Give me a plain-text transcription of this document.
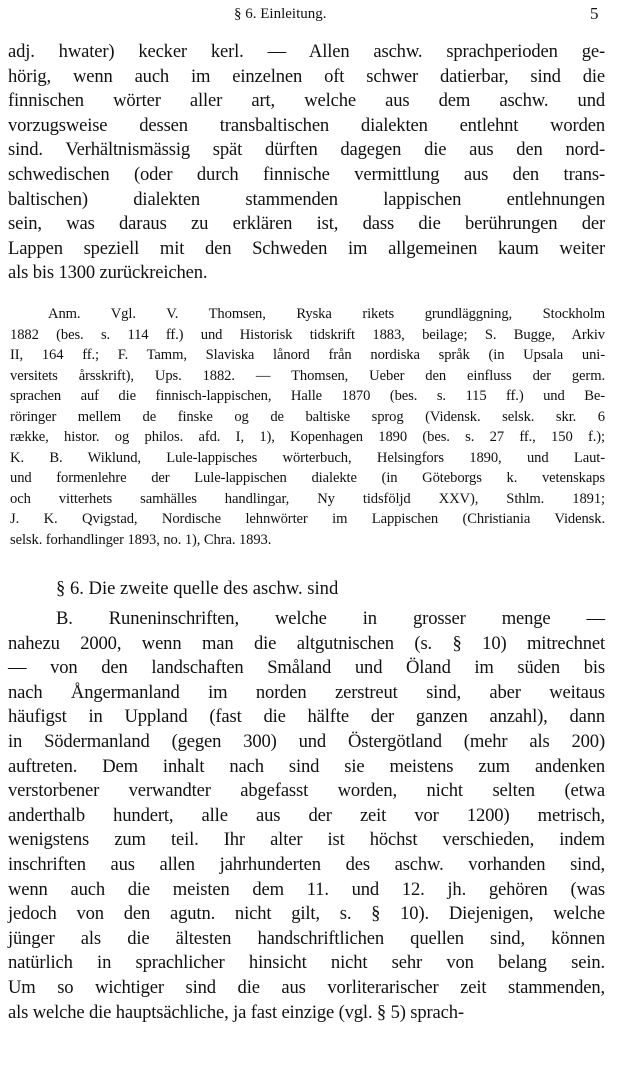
§ 6. Einleitung.	5
adj. hwater) kecker kerl. — Allen aschw. sprachperioden ge-
hörig, wenn auch im einzelnen oft schwer datierbar, sind die
finnischen wörter aller art, welche aus dem aschw. und
vorzugsweise dessen transbaltischen dialekten entlehnt worden
sind. Verhältnismässig spät dürften dagegen die aus den nord-
schwedischen (oder durch finnische vermittlung aus den trans-
baltischen) dialekten stammenden lappischen entlehnungen
sein, was daraus zu erklären ist, dass die berührungen der
Lappen speziell mit den Schweden im allgemeinen kaum weiter
als bis 1300 zurückreichen.
Anm. Vgl. V. Thomsen, Ryska rikets grundläggning, Stockholm
1882 (bes. s. 114 ff.) und Historisk tidskrift 1883, beilage; S. Bugge, Arkiv
II, 164 ff.; F. Tamm, Slaviska lånord från nordiska språk (in Upsala uni-
versitets årsskrift), Ups. 1882. — Thomsen, Ueber den einfluss der germ.
sprachen auf die finnisch-lappischen, Halle 1870 (bes. s. 115 ff.) und Be-
röringer mellem de finske og de baltiske sprog (Vidensk. selsk. skr. 6
række, histor. og philos. afd. I, 1), Kopenhagen 1890 (bes. s. 27 ff., 150 f.);
K. B. Wiklund, Lule-lappisches wörterbuch, Helsingfors 1890, und Laut-
und formenlehre der Lule-lappischen dialekte (in Göteborgs k. vetenskaps
och vitterhets samhälles handlingar, Ny tidsföljd XXV), Sthlm. 1891;
J. K. Qvigstad, Nordische lehnwörter im Lappischen (Christiania Vidensk.
selsk. forhandlinger 1893, no. 1), Chra. 1893.
§ 6. Die zweite quelle des aschw. sind
B. Runeninschriften, welche in grosser menge —
nahezu 2000, wenn man die altgutnischen (s. § 10) mitrechnet
— von den landschaften Småland und Öland im süden bis
nach Ångermanland im norden zerstreut sind, aber weitaus
häufigst in Uppland (fast die hälfte der ganzen anzahl), dann
in Södermanland (gegen 300) und Östergötland (mehr als 200)
auftreten. Dem inhalt nach sind sie meistens zum andenken
verstorbener verwandter abgefasst worden, nicht selten (etwa
anderthalb hundert, alle aus der zeit vor 1200) metrisch,
wenigstens zum teil. Ihr alter ist höchst verschieden, indem
inschriften aus allen jahrhunderten des aschw. vorhanden sind,
wenn auch die meisten dem 11. und 12. jh. gehören (was
jedoch von den agutn. nicht gilt, s. § 10). Diejenigen, welche
jünger als die ältesten handschriftlichen quellen sind, können
natürlich in sprachlicher hinsicht nicht sehr von belang sein.
Um so wichtiger sind die aus vorliterarischer zeit stammenden,
als welche die hauptsächliche, ja fast einzige (vgl. § 5) sprach-
